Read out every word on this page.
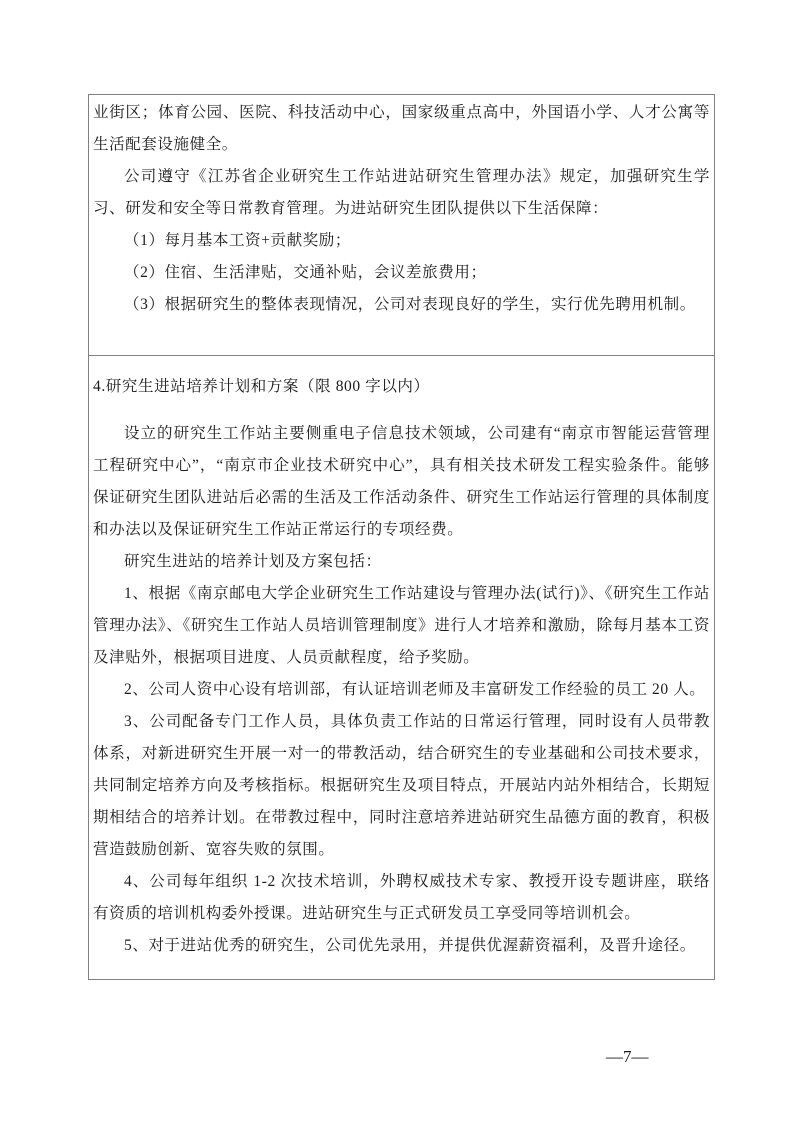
业街区；体育公园、医院、科技活动中心，国家级重点高中，外国语小学、人才公寓等生活配套设施健全。

公司遵守《江苏省企业研究生工作站进站研究生管理办法》规定，加强研究生学习、研发和安全等日常教育管理。为进站研究生团队提供以下生活保障：

（1）每月基本工资+贡献奖励；

（2）住宿、生活津贴，交通补贴，会议差旅费用；

（3）根据研究生的整体表现情况，公司对表现良好的学生，实行优先聘用机制。

4.研究生进站培养计划和方案（限 800 字以内）

设立的研究生工作站主要侧重电子信息技术领域，公司建有“南京市智能运营管理工程研究中心”，“南京市企业技术研究中心”，具有相关技术研发工程实验条件。能够保证研究生团队进站后必需的生活及工作活动条件、研究生工作站运行管理的具体制度和办法以及保证研究生工作站正常运行的专项经费。

研究生进站的培养计划及方案包括：

1、根据《南京邮电大学企业研究生工作站建设与管理办法(试行)》、《研究生工作站管理办法》、《研究生工作站人员培训管理制度》进行人才培养和激励，除每月基本工资及津贴外，根据项目进度、人员贡献程度，给予奖励。

2、公司人资中心设有培训部，有认证培训老师及丰富研发工作经验的员工 20 人。

3、公司配备专门工作人员，具体负责工作站的日常运行管理，同时设有人员带教体系，对新进研究生开展一对一的带教活动，结合研究生的专业基础和公司技术要求，共同制定培养方向及考核指标。根据研究生及项目特点，开展站内站外相结合，长期短期相结合的培养计划。在带教过程中，同时注意培养进站研究生品德方面的教育，积极营造鼓励创新、宽容失败的氛围。

4、公司每年组织 1-2 次技术培训，外聘权威技术专家、教授开设专题讲座，联络有资质的培训机构委外授课。进站研究生与正式研发员工享受同等培训机会。

5、对于进站优秀的研究生，公司优先录用，并提供优渥薪资福利，及晋升途径。

—7—
